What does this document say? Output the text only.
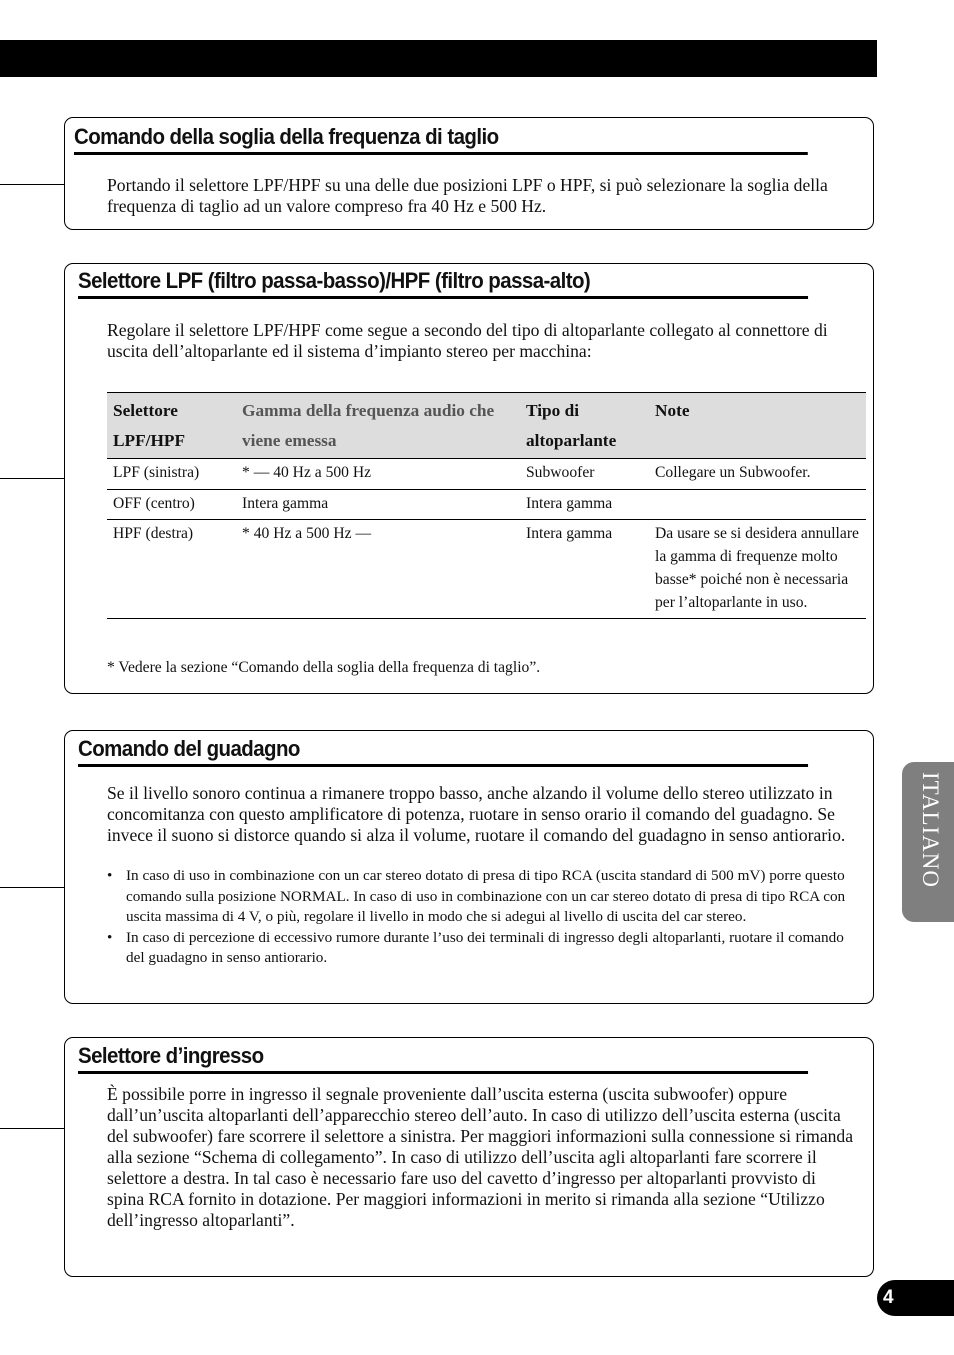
Comando della soglia della frequenza di taglio

Portando il selettore LPF/HPF su una delle due posizioni LPF o HPF, si può selezionare la soglia della frequenza di taglio ad un valore compreso fra 40 Hz e 500 Hz.

Selettore LPF (filtro passa-basso)/HPF (filtro passa-alto)

Regolare il selettore LPF/HPF come segue a secondo del tipo di altoparlante collegato al connettore di uscita dell’altoparlante ed il sistema d’impianto stereo per macchina:

Selettore LPF/HPF	Gamma della frequenza audio che viene emessa	Tipo di altoparlante	Note
LPF (sinistra)	* — 40 Hz a 500 Hz	Subwoofer	Collegare un Subwoofer.
OFF (centro)	Intera gamma	Intera gamma	
HPF (destra)	* 40 Hz a 500 Hz —	Intera gamma	Da usare se si desidera annullare la gamma di frequenze molto basse* poiché non è necessaria per l’altoparlante in uso.

* Vedere la sezione “Comando della soglia della frequenza di taglio”.

Comando del guadagno

Se il livello sonoro continua a rimanere troppo basso, anche alzando il volume dello stereo utilizzato in concomitanza con questo amplificatore di potenza, ruotare in senso orario il comando del guadagno. Se invece il suono si distorce quando si alza il volume, ruotare il comando del guadagno in senso antiorario.

• In caso di uso in combinazione con un car stereo dotato di presa di tipo RCA (uscita standard di 500 mV) porre questo comando sulla posizione NORMAL. In caso di uso in combinazione con un car stereo dotato di presa di tipo RCA con uscita massima di 4 V, o più, regolare il livello in modo che si adegui al livello di uscita del car stereo.
• In caso di percezione di eccessivo rumore durante l’uso dei terminali di ingresso degli altoparlanti, ruotare il comando del guadagno in senso antiorario.
Selettore d’ingresso

È possibile porre in ingresso il segnale proveniente dall’uscita esterna (uscita subwoofer) oppure dall’un’uscita altoparlanti dell’apparecchio stereo dell’auto. In caso di utilizzo dell’uscita esterna (uscita del subwoofer) fare scorrere il selettore a sinistra. Per maggiori informazioni sulla connessione si rimanda alla sezione “Schema di collegamento”. In caso di utilizzo dell’uscita agli altoparlanti fare scorrere il selettore a destra. In tal caso è necessario fare uso del cavetto d’ingresso per altoparlanti provvisto di spina RCA fornito in dotazione. Per maggiori informazioni in merito si rimanda alla sezione “Utilizzo dell’ingresso altoparlanti”.

ITALIANO
4
